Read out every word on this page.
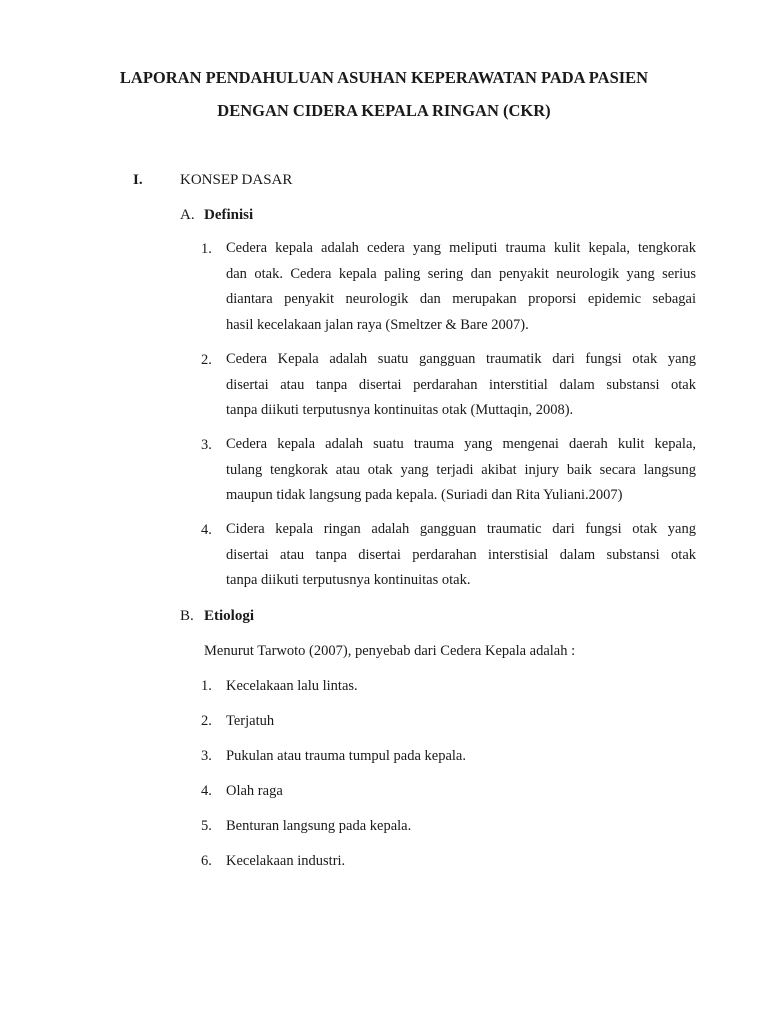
LAPORAN PENDAHULUAN ASUHAN KEPERAWATAN PADA PASIEN
DENGAN CIDERA KEPALA RINGAN (CKR)
I. KONSEP DASAR
A. Definisi
1. Cedera kepala adalah cedera yang meliputi trauma kulit kepala, tengkorak
dan otak. Cedera kepala paling sering dan penyakit neurologik yang serius
diantara penyakit neurologik dan merupakan proporsi epidemic sebagai
hasil kecelakaan jalan raya (Smeltzer & Bare 2007).
2. Cedera Kepala adalah suatu gangguan traumatik dari fungsi otak yang
disertai atau tanpa disertai perdarahan interstitial dalam substansi otak
tanpa diikuti terputusnya kontinuitas otak (Muttaqin, 2008).
3. Cedera kepala adalah suatu trauma yang mengenai daerah kulit kepala,
tulang tengkorak atau otak yang terjadi akibat injury baik secara langsung
maupun tidak langsung pada kepala. (Suriadi dan Rita Yuliani.2007)
4. Cidera kepala ringan adalah gangguan traumatic dari fungsi otak yang
disertai atau tanpa disertai perdarahan interstisial dalam substansi otak
tanpa diikuti terputusnya kontinuitas otak.
B. Etiologi
Menurut Tarwoto (2007), penyebab dari Cedera Kepala adalah :
1. Kecelakaan lalu lintas.
2. Terjatuh
3. Pukulan atau trauma tumpul pada kepala.
4. Olah raga
5. Benturan langsung pada kepala.
6. Kecelakaan industri.
